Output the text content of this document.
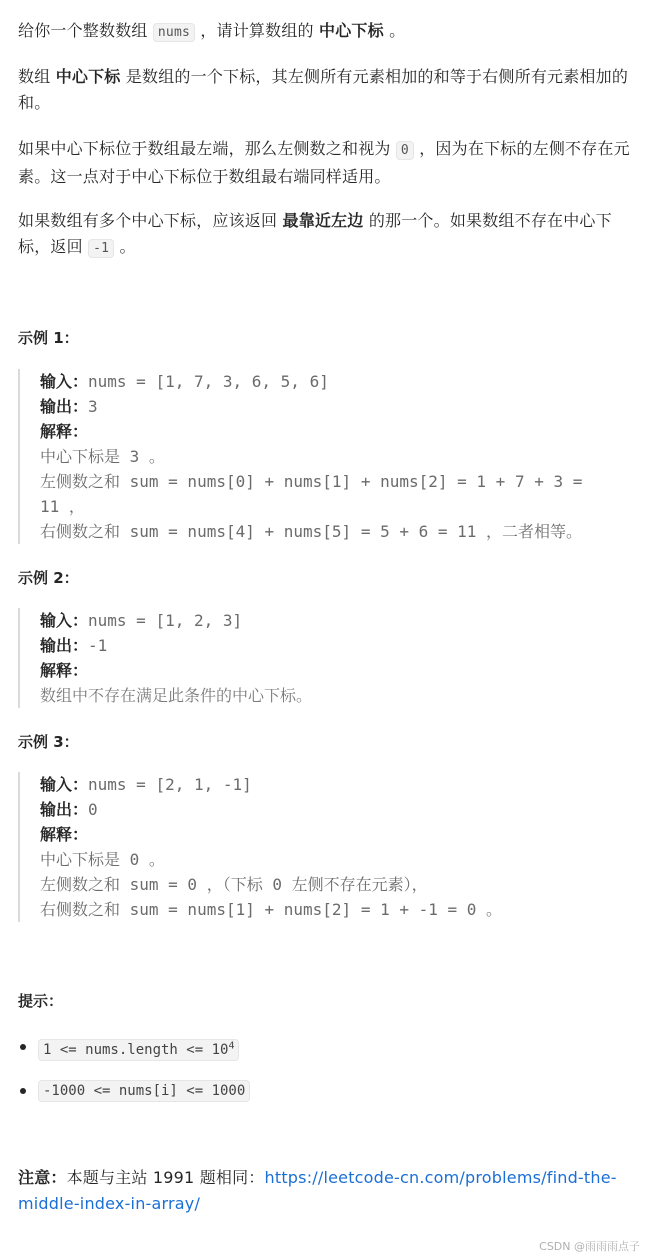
给你一个整数数组 nums ，请计算数组的 中心下标 。

数组 中心下标 是数组的一个下标，其左侧所有元素相加的和等于右侧所有元素相加的和。

如果中心下标位于数组最左端，那么左侧数之和视为 0 ，因为在下标的左侧不存在元素。这一点对于中心下标位于数组最右端同样适用。

如果数组有多个中心下标，应该返回 最靠近左边 的那一个。如果数组不存在中心下标，返回 -1 。

示例 1：

输入：nums = [1, 7, 3, 6, 5, 6]
输出：3
解释：
中心下标是 3 。
左侧数之和 sum = nums[0] + nums[1] + nums[2] = 1 + 7 + 3 =
11 ，
右侧数之和 sum = nums[4] + nums[5] = 5 + 6 = 11 ，二者相等。

示例 2：

输入：nums = [1, 2, 3]
输出：-1
解释：
数组中不存在满足此条件的中心下标。

示例 3：

输入：nums = [2, 1, -1]
输出：0
解释：
中心下标是 0 。
左侧数之和 sum = 0 ，（下标 0 左侧不存在元素），
右侧数之和 sum = nums[1] + nums[2] = 1 + -1 = 0 。

提示：

1 <= nums.length <= $10^4$
-1000 <= nums[i] <= 1000

注意：本题与主站 1991 题相同：https://leetcode-cn.com/problems/find-the-middle-index-in-array/

CSDN @雨雨雨点子
